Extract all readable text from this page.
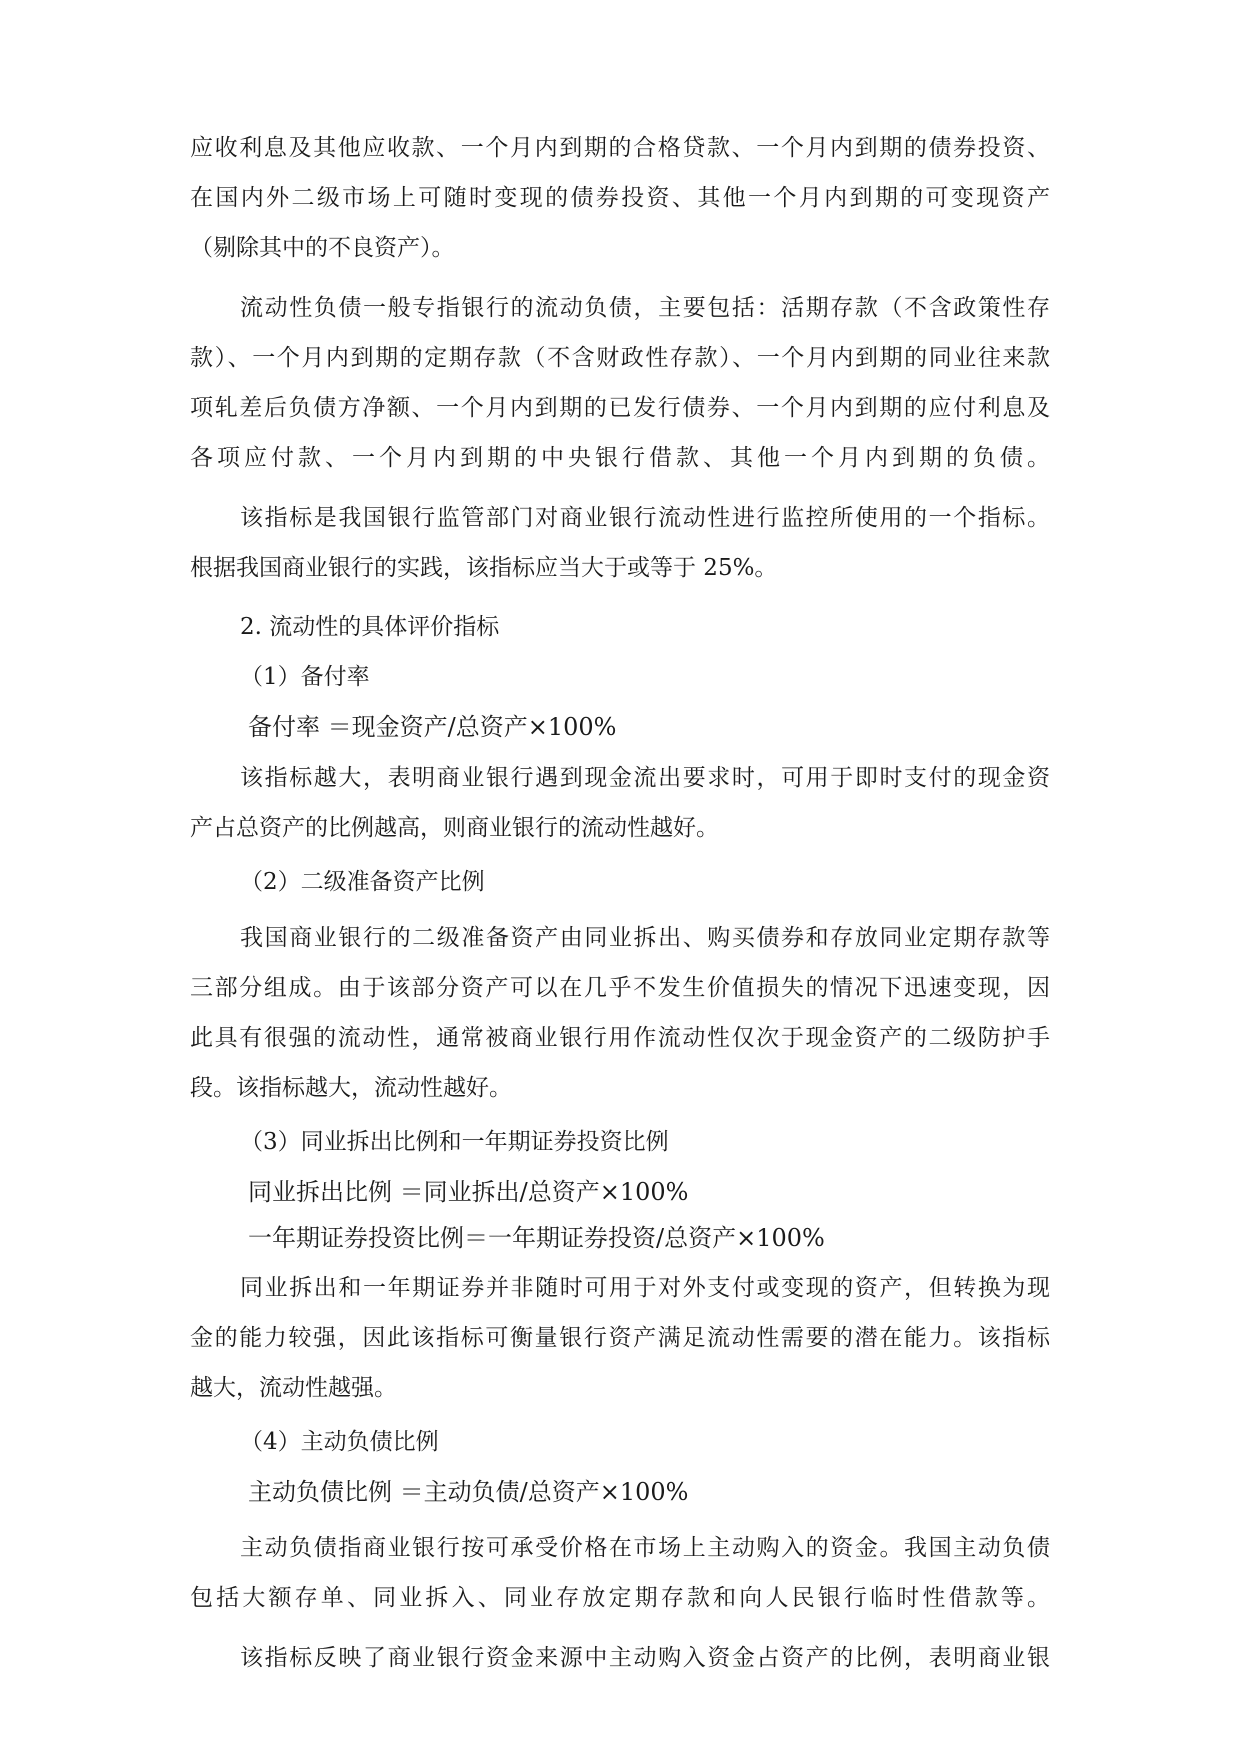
应收利息及其他应收款、一个月内到期的合格贷款、一个月内到期的债券投资、
在国内外二级市场上可随时变现的债券投资、其他一个月内到期的可变现资产
（剔除其中的不良资产）。
流动性负债一般专指银行的流动负债，主要包括：活期存款（不含政策性存
款）、一个月内到期的定期存款（不含财政性存款）、一个月内到期的同业往来款
项轧差后负债方净额、一个月内到期的已发行债券、一个月内到期的应付利息及
各项应付款、一个月内到期的中央银行借款、其他一个月内到期的负债。
该指标是我国银行监管部门对商业银行流动性进行监控所使用的一个指标。
根据我国商业银行的实践，该指标应当大于或等于 25%。
2. 流动性的具体评价指标
（1）备付率
备付率 ＝现金资产/总资产×100%
该指标越大，表明商业银行遇到现金流出要求时，可用于即时支付的现金资
产占总资产的比例越高，则商业银行的流动性越好。
（2）二级准备资产比例
我国商业银行的二级准备资产由同业拆出、购买债券和存放同业定期存款等
三部分组成。由于该部分资产可以在几乎不发生价值损失的情况下迅速变现，因
此具有很强的流动性，通常被商业银行用作流动性仅次于现金资产的二级防护手
段。该指标越大，流动性越好。
（3）同业拆出比例和一年期证券投资比例
同业拆出比例 ＝同业拆出/总资产×100%
一年期证券投资比例＝一年期证券投资/总资产×100%
同业拆出和一年期证券并非随时可用于对外支付或变现的资产，但转换为现
金的能力较强，因此该指标可衡量银行资产满足流动性需要的潜在能力。该指标
越大，流动性越强。
（4）主动负债比例
主动负债比例 ＝主动负债/总资产×100%
主动负债指商业银行按可承受价格在市场上主动购入的资金。我国主动负债
包括大额存单、同业拆入、同业存放定期存款和向人民银行临时性借款等。
该指标反映了商业银行资金来源中主动购入资金占资产的比例，表明商业银
